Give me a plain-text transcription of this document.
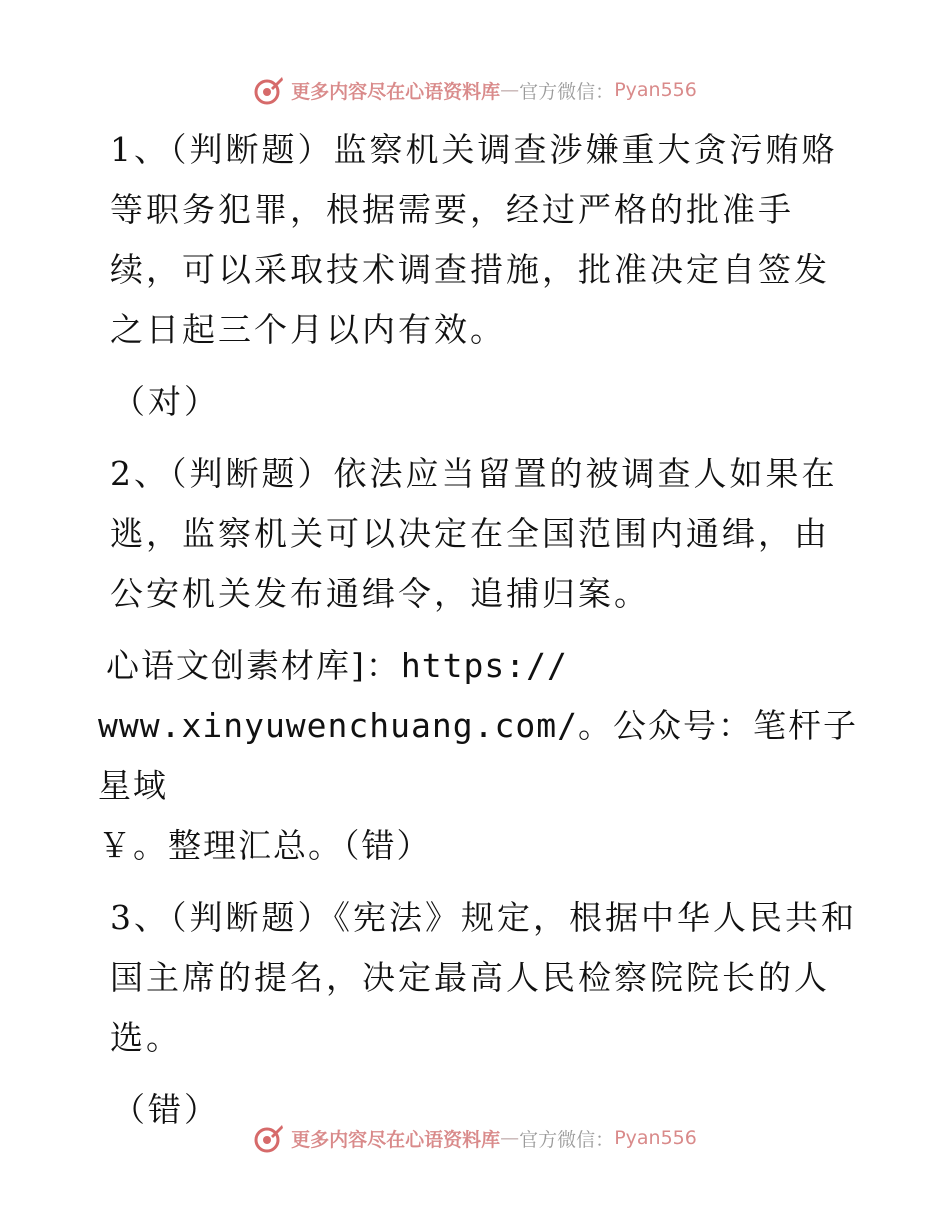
更多内容尽在心语资料库 — 官方微信： Pyan556

1、（判断题）监察机关调查涉嫌重大贪污贿赂等职务犯罪，根据需要，经过严格的批准手续，可以采取技术调查措施，批准决定自签发之日起三个月以内有效。

（对）

2、（判断题）依法应当留置的被调查人如果在逃，监察机关可以决定在全国范围内通缉，由公安机关发布通缉令，追捕归案。

心语文创素材库]：https://
www.xinyuwenchuang.com/。公众号：笔杆子星域
￥。整理汇总。（错）

3、（判断题）《宪法》规定，根据中华人民共和国主席的提名，决定最高人民检察院院长的人选。

（错）

更多内容尽在心语资料库 — 官方微信： Pyan556
